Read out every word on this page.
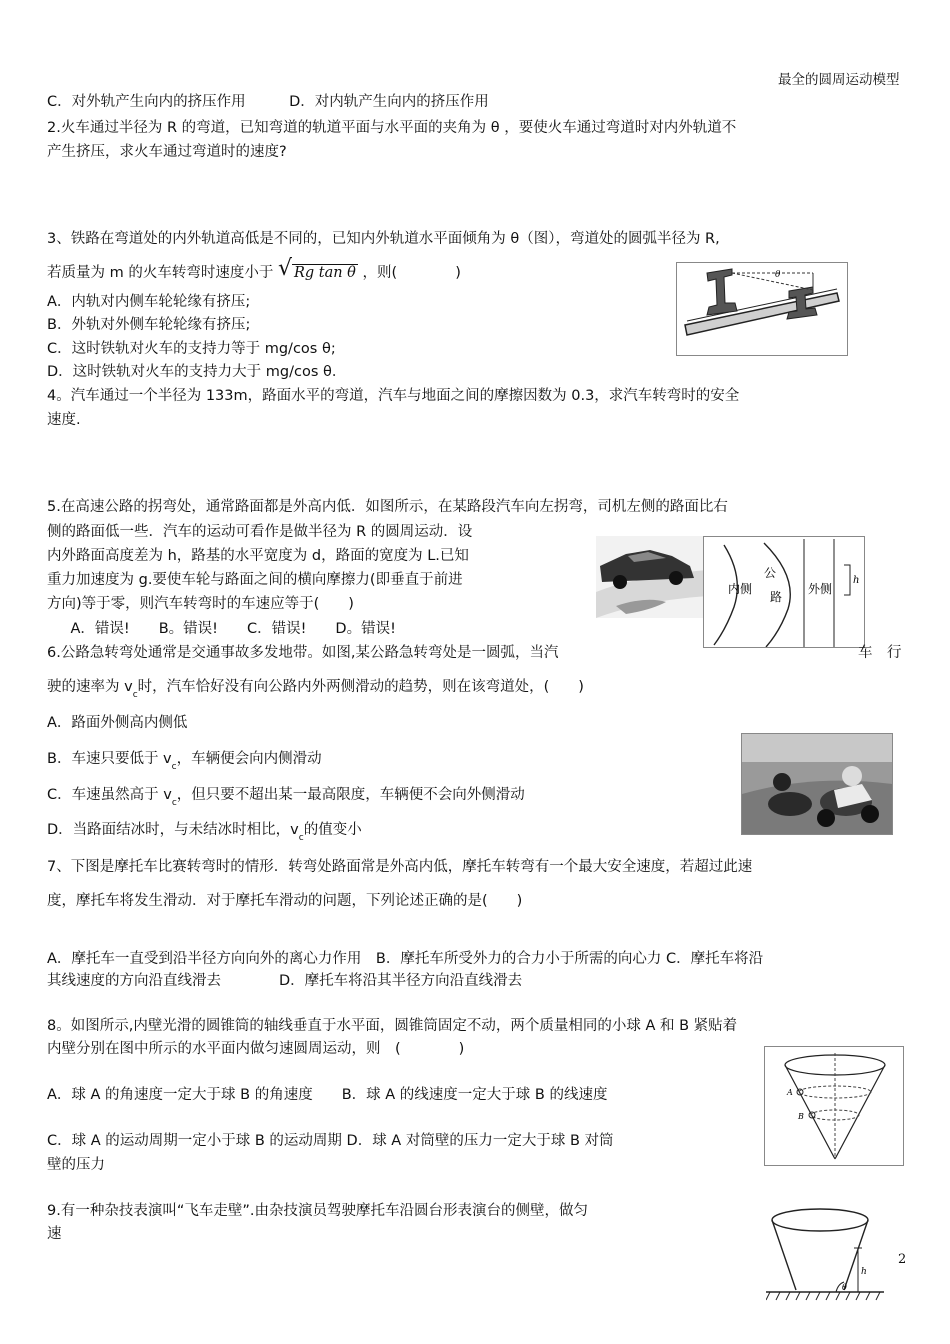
最全的圆周运动模型
C．对外轨产生向内的挤压作用　　　D．对内轨产生向内的挤压作用
2.火车通过半径为 R 的弯道，已知弯道的轨道平面与水平面的夹角为 θ ，要使火车通过弯道时对内外轨道不
产生挤压，求火车通过弯道时的速度?
3、铁路在弯道处的内外轨道高低是不同的，已知内外轨道水平面倾角为 θ（图），弯道处的圆弧半径为 R,
若质量为 m 的火车转弯时速度小于 √ Rg tan θ ，则(　　　　)
A．内轨对内侧车轮轮缘有挤压;
B．外轨对外侧车轮轮缘有挤压;
C．这时铁轨对火车的支持力等于 mg/cos θ;
D．这时铁轨对火车的支持力大于 mg/cos θ．
θ
4。汽车通过一个半径为 133m，路面水平的弯道，汽车与地面之间的摩擦因数为 0.3，求汽车转弯时的安全
速度.
5.在高速公路的拐弯处，通常路面都是外高内低．如图所示，在某路段汽车向左拐弯，司机左侧的路面比右
侧的路面低一些．汽车的运动可看作是做半径为 R 的圆周运动．设
内外路面高度差为 h，路基的水平宽度为 d，路面的宽度为 L.已知
重力加速度为 g.要使车轮与路面之间的横向摩擦力(即垂直于前进
方向)等于零，则汽车转弯时的车速应等于(　　)
　A．错误!　　B。错误!　　C．错误!　　D。错误!
内侧
公
路
外侧
h
6.公路急转弯处通常是交通事故多发地带。如图,某公路急转弯处是一圆弧，当汽	车　行
驶的速率为 $v_c$时，汽车恰好没有向公路内外两侧滑动的趋势，则在该弯道处，(　　)
A．路面外侧高内侧低
B．车速只要低于 $v_c$，车辆便会向内侧滑动
C．车速虽然高于 $v_c$，但只要不超出某一最高限度，车辆便不会向外侧滑动
D．当路面结冰时，与未结冰时相比，$v_c$的值变小
7、下图是摩托车比赛转弯时的情形．转弯处路面常是外高内低，摩托车转弯有一个最大安全速度，若超过此速
度，摩托车将发生滑动．对于摩托车滑动的问题，下列论述正确的是(　　)
A．摩托车一直受到沿半径方向向外的离心力作用　B．摩托车所受外力的合力小于所需的向心力 C．摩托车将沿
其线速度的方向沿直线滑去　　　　D．摩托车将沿其半径方向沿直线滑去
8。如图所示,内壁光滑的圆锥筒的轴线垂直于水平面，圆锥筒固定不动，两个质量相同的小球 A 和 B 紧贴着
内壁分别在图中所示的水平面内做匀速圆周运动，则　(　　　　)
A．球 A 的角速度一定大于球 B 的角速度　　B．球 A 的线速度一定大于球 B 的线速度
C．球 A 的运动周期一定小于球 B 的运动周期 D．球 A 对筒壁的压力一定大于球 B 对筒
壁的压力
A
B
9.有一种杂技表演叫“飞车走壁”.由杂技演员驾驶摩托车沿圆台形表演台的侧壁，做匀
速
h
θ
2
